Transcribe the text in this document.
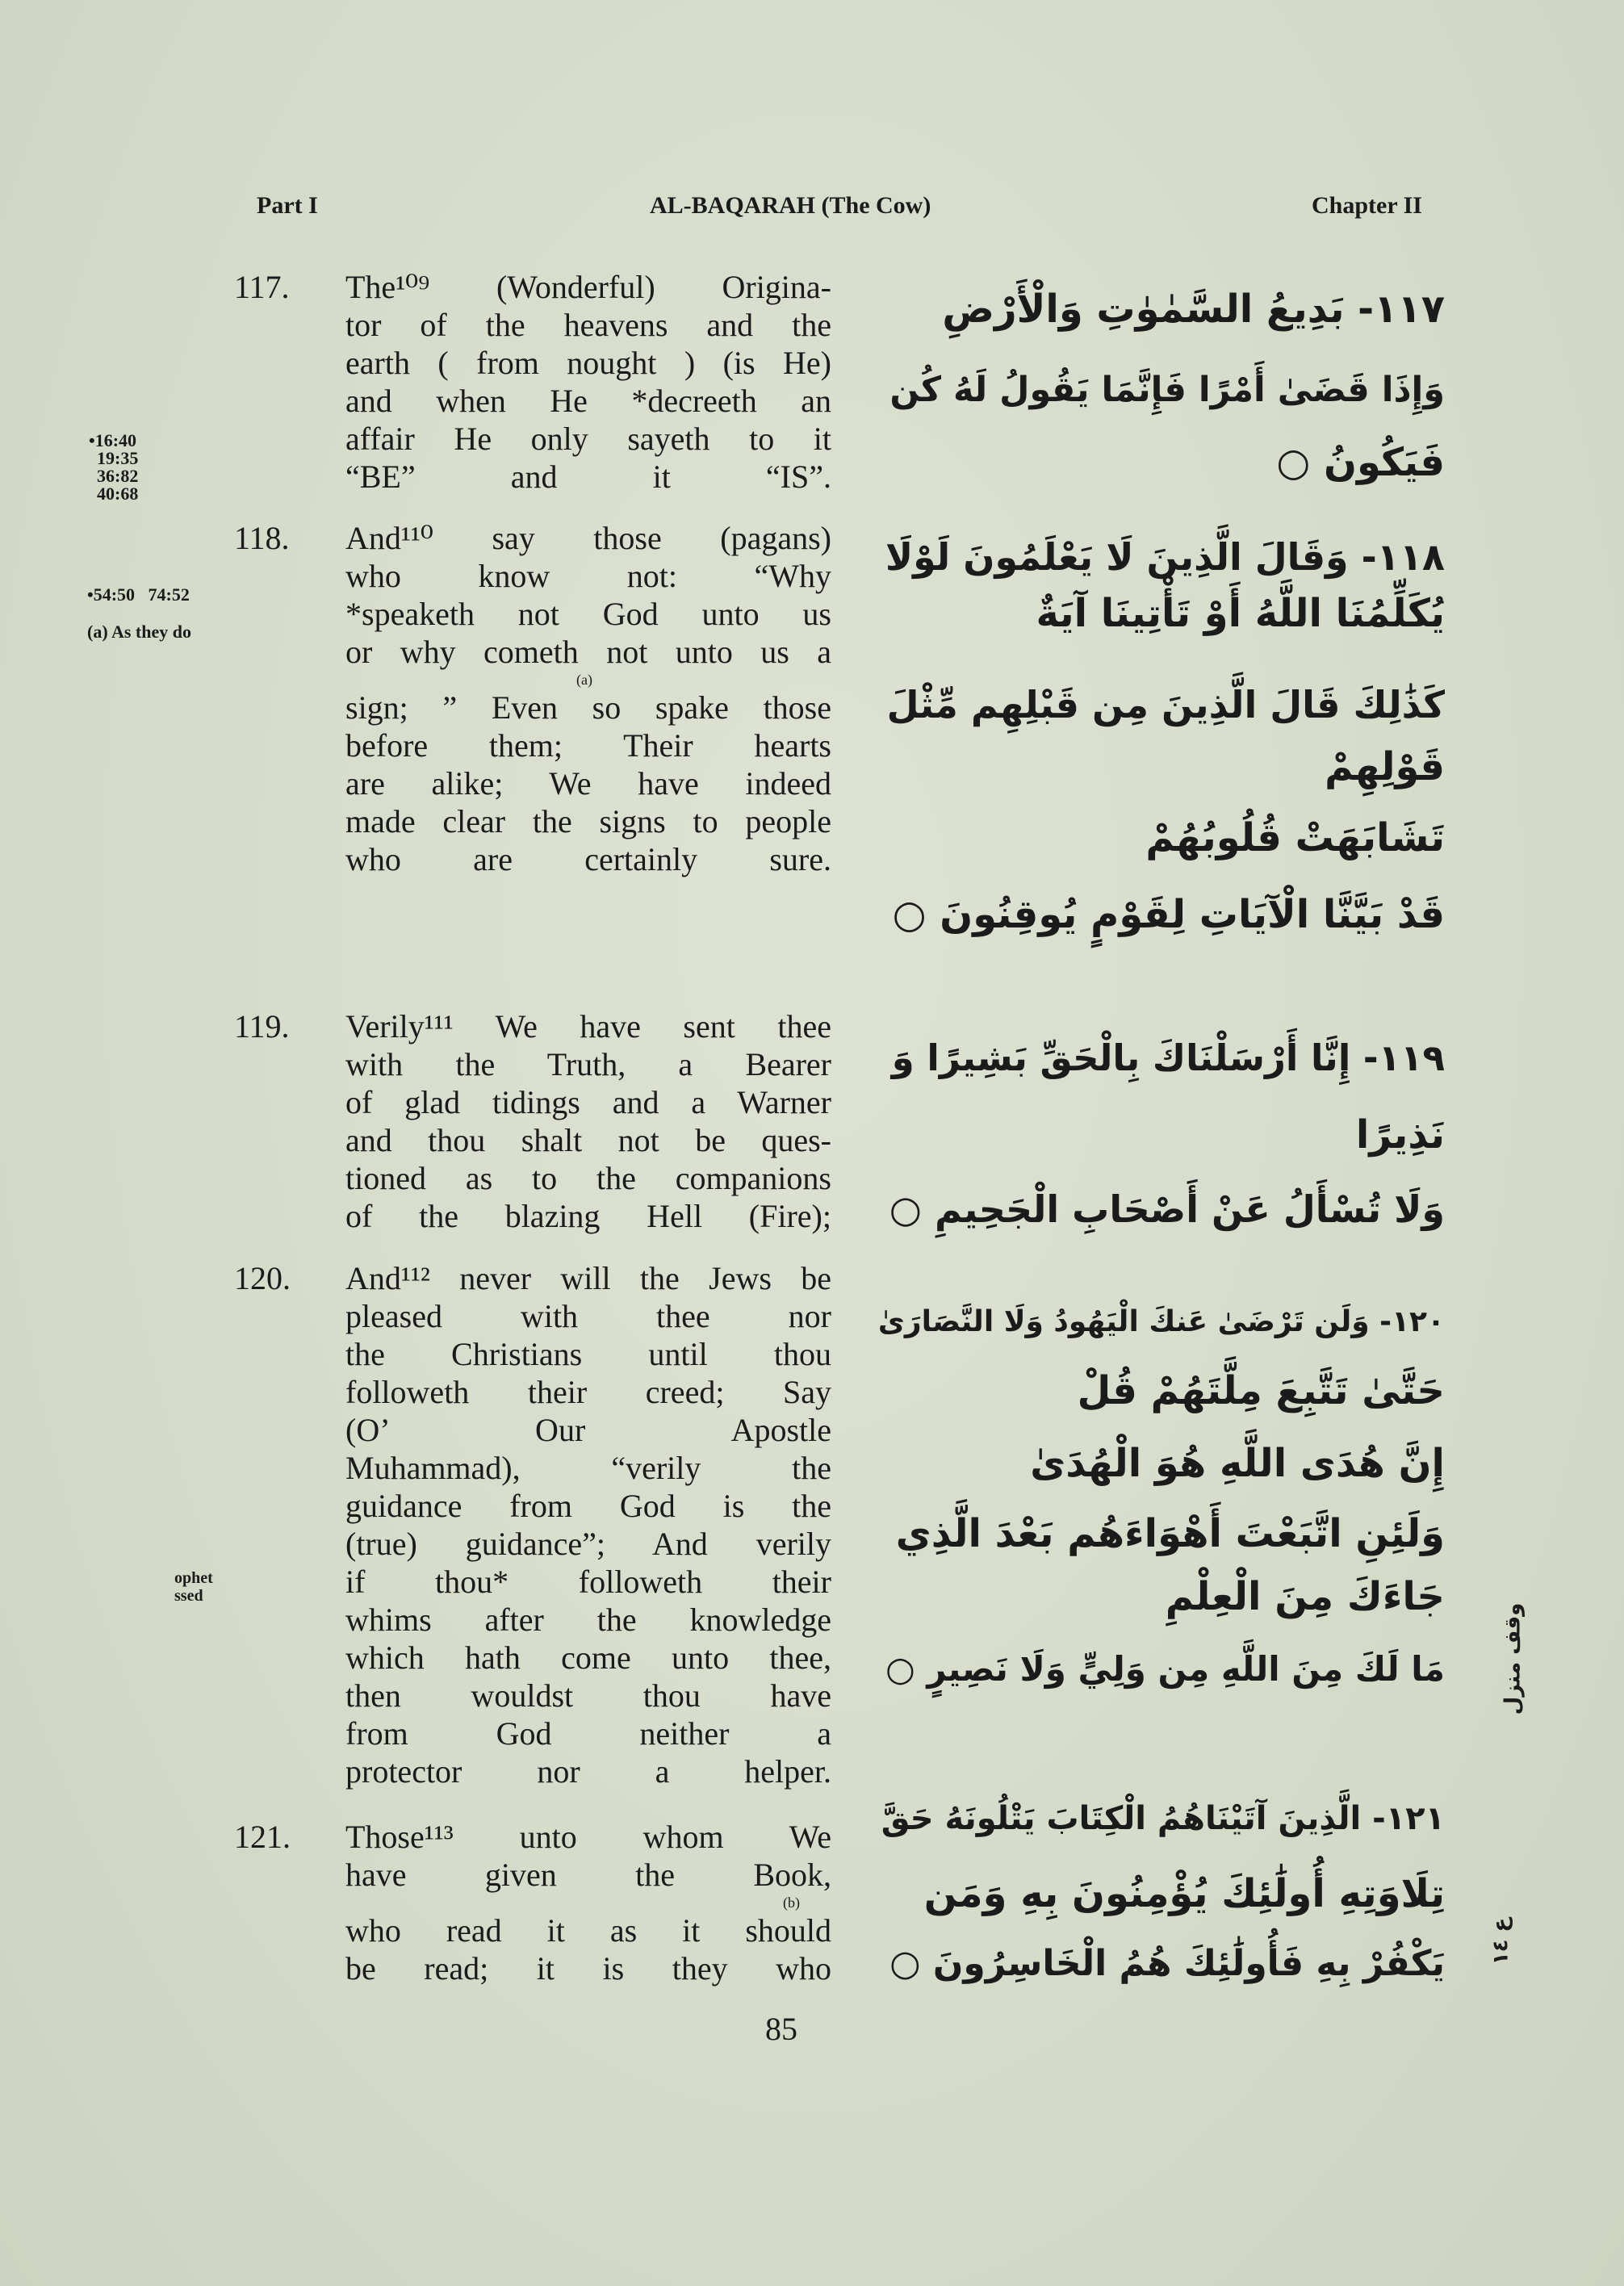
Part I	AL-BAQARAH (The Cow)	Chapter II
•16:40
19:35
36:82
40:68
•54:50   74:52
(a) As they do
ophet
ssed
117. The¹⁰⁹ (Wonderful) Origina-
tor of the heavens and the
earth ( from nought ) (is He)
and when He *decreeth an
affair He only sayeth to it
“BE” and it “IS”.
١١٧- بَدِيعُ السَّمٰوٰتِ وَالْأَرْضِ
وَإِذَا قَضَىٰ أَمْرًا فَإِنَّمَا يَقُولُ لَهُ كُن
فَيَكُونُ ○
118. And¹¹⁰ say those (pagans)
who know not: “Why
*speaketh not God unto us
or why cometh not unto us a
sign; ” Even so spake those
before them; Their hearts
are alike; We have indeed
made clear the signs to people
who are certainly sure.
١١٨- وَقَالَ الَّذِينَ لَا يَعْلَمُونَ لَوْلَا
يُكَلِّمُنَا اللَّهُ أَوْ تَأْتِينَا آيَةٌ
كَذَٰلِكَ قَالَ الَّذِينَ مِن قَبْلِهِم مِّثْلَ
قَوْلِهِمْ
تَشَابَهَتْ قُلُوبُهُمْ
قَدْ بَيَّنَّا الْآيَاتِ لِقَوْمٍ يُوقِنُونَ ○
119. Verily¹¹¹ We have sent thee
with the Truth, a Bearer
of glad tidings and a Warner
and thou shalt not be ques-
tioned as to the companions
of the blazing Hell (Fire);
١١٩- إِنَّا أَرْسَلْنَاكَ بِالْحَقِّ بَشِيرًا وَ
نَذِيرًا
وَلَا تُسْأَلُ عَنْ أَصْحَابِ الْجَحِيمِ ○
120. And¹¹² never will the Jews be
pleased with thee nor
the Christians until thou
followeth their creed; Say
(O’ Our Apostle
Muhammad), “verily the
guidance from God is the
(true) guidance”; And verily
if thou* followeth their
whims after the knowledge
which hath come unto thee,
then wouldst thou have
from God neither a
protector nor a helper.
١٢٠- وَلَن تَرْضَىٰ عَنكَ الْيَهُودُ وَلَا النَّصَارَىٰ
حَتَّىٰ تَتَّبِعَ مِلَّتَهُمْ قُلْ
إِنَّ هُدَى اللَّهِ هُوَ الْهُدَىٰ
وَلَئِنِ اتَّبَعْتَ أَهْوَاءَهُم بَعْدَ الَّذِي
جَاءَكَ مِنَ الْعِلْمِ
مَا لَكَ مِنَ اللَّهِ مِن وَلِيٍّ وَلَا نَصِيرٍ ○
121. Those¹¹³ unto whom We
have given the Book,
who read it as it should
be read; it is they who
١٢١- الَّذِينَ آتَيْنَاهُمُ الْكِتَابَ يَتْلُونَهُ حَقَّ
تِلَاوَتِهِ أُولَٰئِكَ يُؤْمِنُونَ بِهِ وَمَن
يَكْفُرْ بِهِ فَأُولَٰئِكَ هُمُ الْخَاسِرُونَ ○
(a)
(b)
وقف منزل
ع ١٤
85
